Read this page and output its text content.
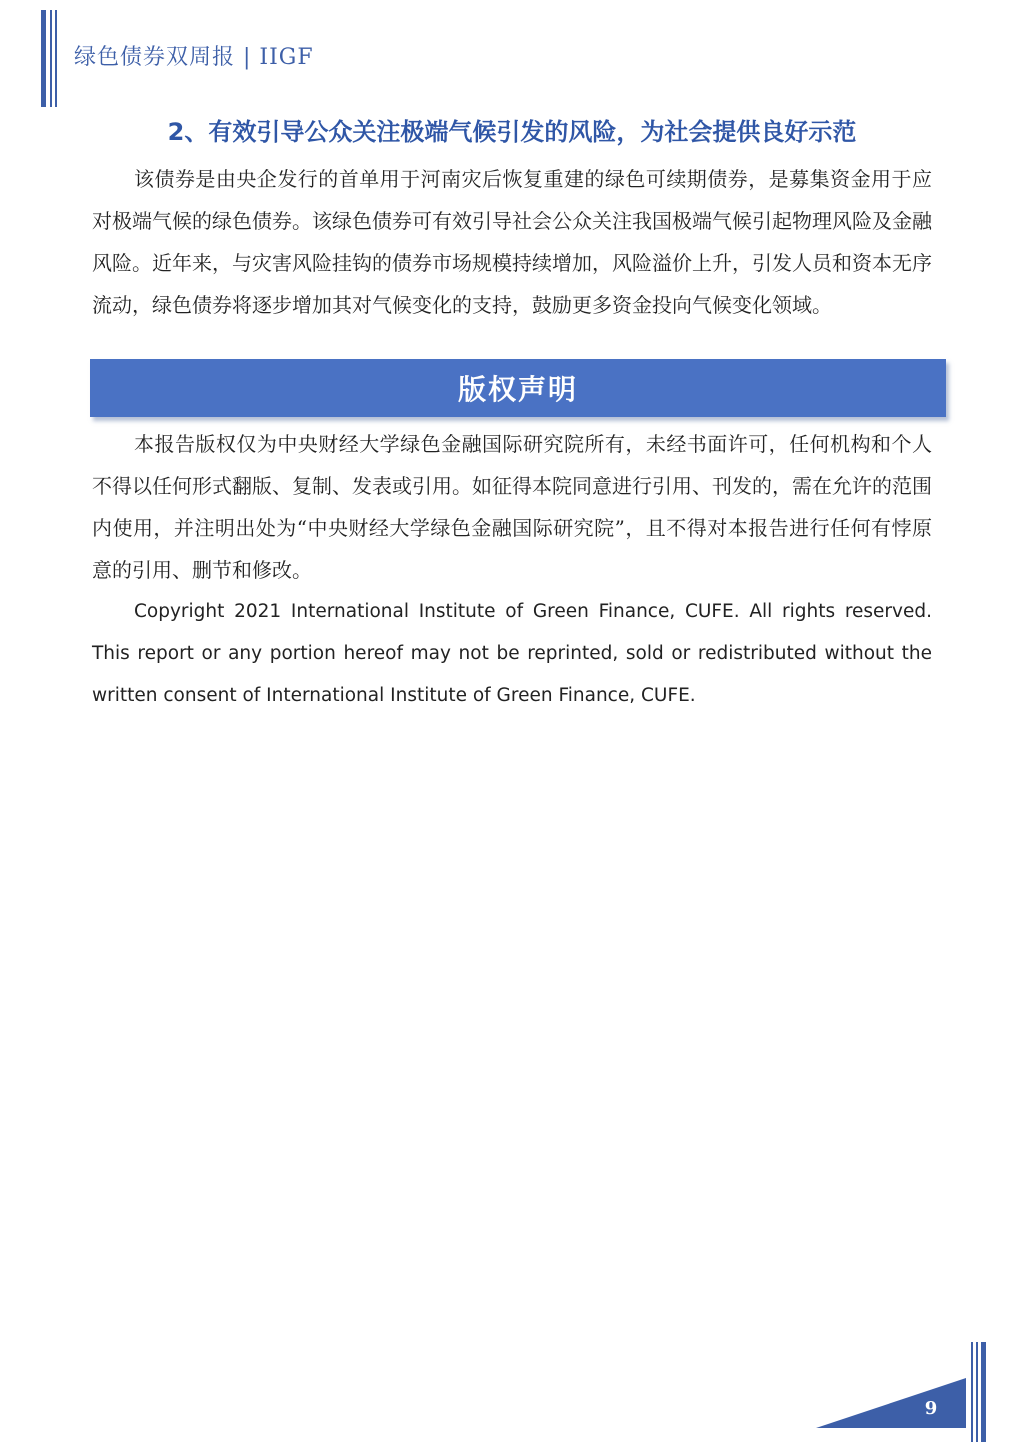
绿色债券双周报 | IIGF
2、有效引导公众关注极端气候引发的风险，为社会提供良好示范

该债券是由央企发行的首单用于河南灾后恢复重建的绿色可续期债券，是募集资金用于应对极端气候的绿色债券。该绿色债券可有效引导社会公众关注我国极端气候引起物理风险及金融风险。近年来，与灾害风险挂钩的债券市场规模持续增加，风险溢价上升，引发人员和资本无序流动，绿色债券将逐步增加其对气候变化的支持，鼓励更多资金投向气候变化领域。

版权声明

本报告版权仅为中央财经大学绿色金融国际研究院所有，未经书面许可，任何机构和个人不得以任何形式翻版、复制、发表或引用。如征得本院同意进行引用、刊发的，需在允许的范围内使用，并注明出处为“中央财经大学绿色金融国际研究院”，且不得对本报告进行任何有悖原意的引用、删节和修改。

Copyright 2021 International Institute of Green Finance, CUFE. All rights reserved. This report or any portion hereof may not be reprinted, sold or redistributed without the written consent of International Institute of Green Finance, CUFE.

9
